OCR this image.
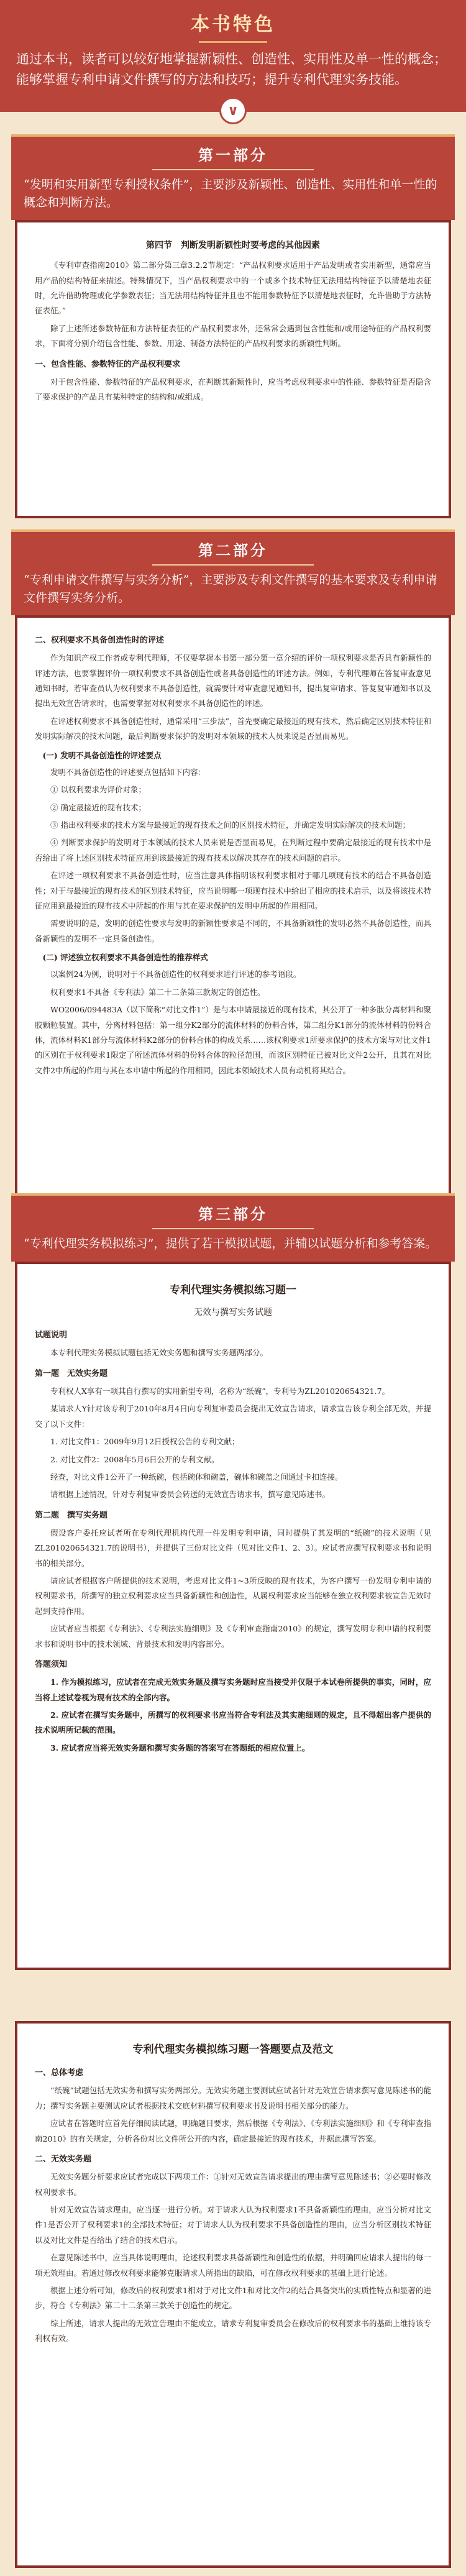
本书特色

通过本书，读者可以较好地掌握新颖性、创造性、实用性及单一性的概念；能够掌握专利申请文件撰写的方法和技巧；提升专利代理实务技能。

∨
第一部分
“发明和实用新型专利授权条件”，主要涉及新颖性、创造性、实用性和单一性的概念和判断方法。
第四节　判断发明新颖性时要考虑的其他因素

《专利审查指南2010》第二部分第三章3.2.2节规定：“产品权利要求适用于产品发明或者实用新型，通常应当用产品的结构特征来描述。特殊情况下，当产品权利要求中的一个或多个技术特征无法用结构特征予以清楚地表征时，允许借助物理或化学参数表征；当无法用结构特征并且也不能用参数特征予以清楚地表征时，允许借助于方法特征表征。”

除了上述所述参数特征和方法特征表征的产品权利要求外，还常常会遇到包含性能和/或用途特征的产品权利要求，下面将分别介绍包含性能、参数、用途、制备方法特征的产品权利要求的新颖性判断。

一、包含性能、参数特征的产品权利要求

对于包含性能、参数特征的产品权利要求，在判断其新颖性时，应当考虑权利要求中的性能、参数特征是否隐含了要求保护的产品具有某种特定的结构和/或组成。

第二部分
“专利申请文件撰写与实务分析”，主要涉及专利文件撰写的基本要求及专利申请文件撰写实务分析。
二、权利要求不具备创造性时的评述

作为知识产权工作者或专利代理师，不仅要掌握本书第一部分第一章介绍的评价一项权利要求是否具有新颖性的评述方法，也要掌握评价一项权利要求不具备创造性或者具备创造性的评述方法。例如，专利代理师在答复审查意见通知书时，若审查员认为权利要求不具备创造性，就需要针对审查意见通知书，提出复审请求、答复复审通知书以及提出无效宣告请求时，也需要掌握对权利要求不具备创造性的评述。

在评述权利要求不具备创造性时，通常采用“三步法”，首先要确定最接近的现有技术，然后确定区别技术特征和发明实际解决的技术问题，最后判断要求保护的发明对本领域的技术人员来说是否显而易见。

(一) 发明不具备创造性的评述要点

发明不具备创造性的评述要点包括如下内容：

① 以权利要求为评价对象；

② 确定最接近的现有技术；

③ 指出权利要求的技术方案与最接近的现有技术之间的区别技术特征，并确定发明实际解决的技术问题；

④ 判断要求保护的发明对于本领域的技术人员来说是否显而易见，在判断过程中要确定最接近的现有技术中是否给出了将上述区别技术特征应用到该最接近的现有技术以解决其存在的技术问题的启示。

在评述一项权利要求不具备创造性时，应当注意具体指明该权利要求相对于哪几项现有技术的结合不具备创造性；对于与最接近的现有技术的区别技术特征，应当说明哪一项现有技术中给出了相应的技术启示，以及将该技术特征应用到最接近的现有技术中所起的作用与其在要求保护的发明中所起的作用相同。

需要说明的是，发明的创造性要求与发明的新颖性要求是不同的，不具备新颖性的发明必然不具备创造性，而具备新颖性的发明不一定具备创造性。

(二) 评述独立权利要求不具备创造性的推荐样式

以案例24为例，说明对于不具备创造性的权利要求进行评述的参考语段。

权利要求1不具备《专利法》第二十二条第三款规定的创造性。

WO2006/094483A（以下简称“对比文件1”）是与本申请最接近的现有技术，其公开了一种多肽分离材料和聚胶颗粒装置。其中，分离材料包括：第一组分K2部分的流体材料的份料合体，第二组分K1部分的流体材料的份料合体，流体材料K1部分与流体材料K2部分的份料合体的构成关系……该权利要求1所要求保护的技术方案与对比文件1的区别在于权利要求1限定了所述流体材料的份料合体的粒径范围，而该区别特征已被对比文件2公开，且其在对比文件2中所起的作用与其在本申请中所起的作用相同，因此本领域技术人员有动机将其结合。

第三部分
“专利代理实务模拟练习”，提供了若干模拟试题，并辅以试题分析和参考答案。
专利代理实务模拟练习题一
无效与撰写实务试题
试题说明

本专利代理实务模拟试题包括无效实务题和撰写实务题两部分。

第一题　无效实务题

专利权人X享有一项其自行撰写的实用新型专利，名称为“纸碗”，专利号为ZL201020654321.7。

某请求人Y针对该专利于2010年8月4日向专利复审委员会提出无效宣告请求，请求宣告该专利全部无效，并提交了以下文件：

1. 对比文件1：2009年9月12日授权公告的专利文献；

2. 对比文件2：2008年5月6日公开的专利文献。

经查，对比文件1公开了一种纸碗，包括碗体和碗盖，碗体和碗盖之间通过卡扣连接。

请根据上述情况，针对专利复审委员会转送的无效宣告请求书，撰写意见陈述书。

第二题　撰写实务题

假设客户委托应试者所在专利代理机构代理一件发明专利申请，同时提供了其发明的“纸碗”的技术说明（见ZL201020654321.7的说明书），并提供了三份对比文件（见对比文件1、2、3）。应试者应撰写权利要求书和说明书的相关部分。

请应试者根据客户所提供的技术说明，考虑对比文件1~3所反映的现有技术，为客户撰写一份发明专利申请的权利要求书，所撰写的独立权利要求应当具备新颖性和创造性，从属权利要求应当能够在独立权利要求被宣告无效时起到支持作用。

应试者应当根据《专利法》、《专利法实施细则》及《专利审查指南2010》的规定，撰写发明专利申请的权利要求书和说明书中的技术领域、背景技术和发明内容部分。

答题须知

1. 作为模拟练习，应试者在完成无效实务题及撰写实务题时应当接受并仅限于本试卷所提供的事实，同时，应当将上述试卷视为现有技术的全部内容。

2. 应试者在撰写实务题中，所撰写的权利要求书应当符合专利法及其实施细则的规定，且不得超出客户提供的技术说明所记载的范围。

3. 应试者应当将无效实务题和撰写实务题的答案写在答题纸的相应位置上。

专利代理实务模拟练习题一答题要点及范文
一、总体考虑

“纸碗”试题包括无效实务和撰写实务两部分。无效实务题主要测试应试者针对无效宣告请求撰写意见陈述书的能力；撰写实务题主要测试应试者根据技术交底材料撰写权利要求书及说明书相关部分的能力。

应试者在答题时应首先仔细阅读试题，明确题目要求，然后根据《专利法》、《专利法实施细则》和《专利审查指南2010》的有关规定，分析各份对比文件所公开的内容，确定最接近的现有技术，并据此撰写答案。

二、无效实务题

无效实务题分析要求应试者完成以下两项工作：①针对无效宣告请求提出的理由撰写意见陈述书；②必要时修改权利要求书。

针对无效宣告请求理由，应当逐一进行分析。对于请求人认为权利要求1不具备新颖性的理由，应当分析对比文件1是否公开了权利要求1的全部技术特征；对于请求人认为权利要求不具备创造性的理由，应当分析区别技术特征以及对比文件是否给出了结合的技术启示。

在意见陈述书中，应当具体说明理由，论述权利要求具备新颖性和创造性的依据，并明确回应请求人提出的每一项无效理由。若通过修改权利要求能够克服请求人所指出的缺陷，可在修改权利要求的基础上进行论述。

根据上述分析可知，修改后的权利要求1相对于对比文件1和对比文件2的结合具备突出的实质性特点和显著的进步，符合《专利法》第二十二条第三款关于创造性的规定。

综上所述，请求人提出的无效宣告理由不能成立，请求专利复审委员会在修改后的权利要求书的基础上维持该专利权有效。
